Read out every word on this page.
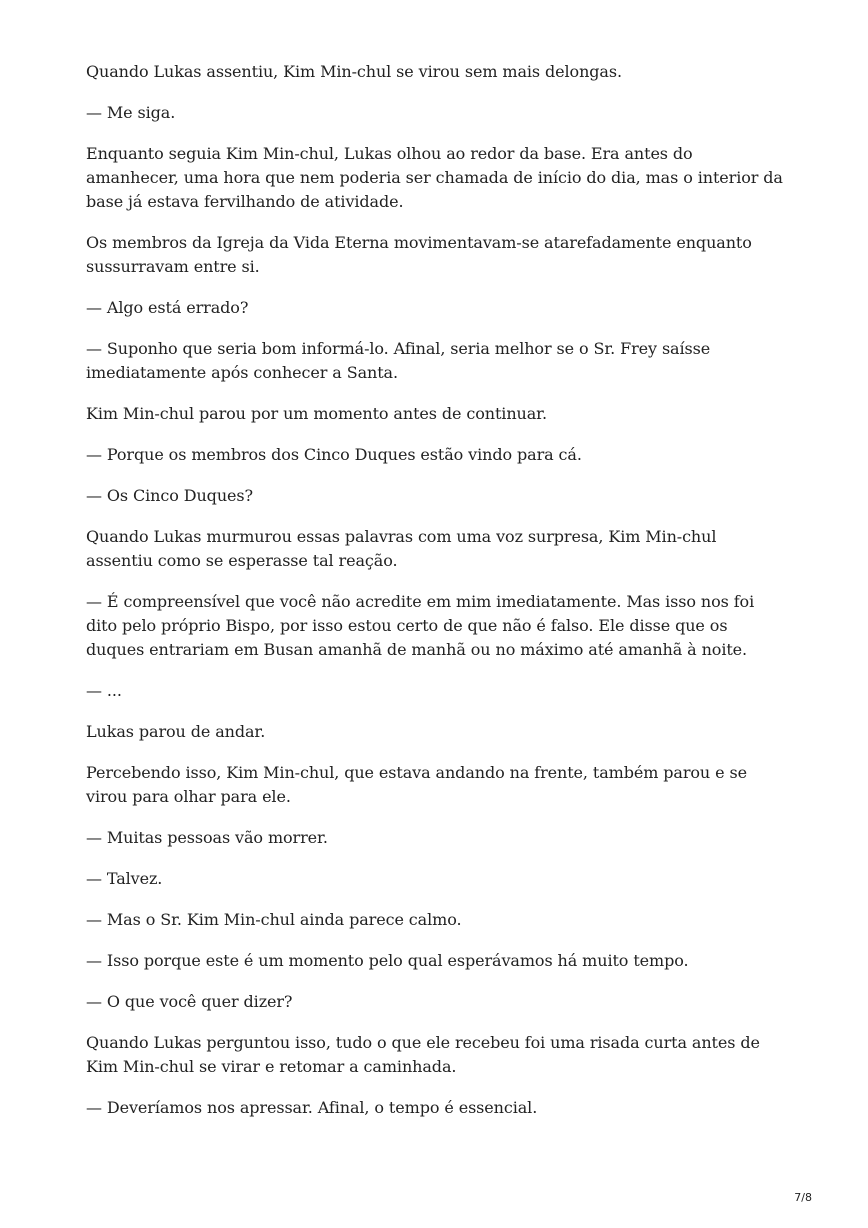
Quando Lukas assentiu, Kim Min-chul se virou sem mais delongas.

— Me siga.

Enquanto seguia Kim Min-chul, Lukas olhou ao redor da base. Era antes do amanhecer, uma hora que nem poderia ser chamada de início do dia, mas o interior da base já estava fervilhando de atividade.

Os membros da Igreja da Vida Eterna movimentavam-se atarefadamente enquanto sussurravam entre si.

— Algo está errado?

— Suponho que seria bom informá-lo. Afinal, seria melhor se o Sr. Frey saísse imediatamente após conhecer a Santa.

Kim Min-chul parou por um momento antes de continuar.

— Porque os membros dos Cinco Duques estão vindo para cá.

— Os Cinco Duques?

Quando Lukas murmurou essas palavras com uma voz surpresa, Kim Min-chul assentiu como se esperasse tal reação.

— É compreensível que você não acredite em mim imediatamente. Mas isso nos foi dito pelo próprio Bispo, por isso estou certo de que não é falso. Ele disse que os duques entrariam em Busan amanhã de manhã ou no máximo até amanhã à noite.

— ...

Lukas parou de andar.

Percebendo isso, Kim Min-chul, que estava andando na frente, também parou e se virou para olhar para ele.

— Muitas pessoas vão morrer.

— Talvez.

— Mas o Sr. Kim Min-chul ainda parece calmo.

— Isso porque este é um momento pelo qual esperávamos há muito tempo.

— O que você quer dizer?

Quando Lukas perguntou isso, tudo o que ele recebeu foi uma risada curta antes de Kim Min-chul se virar e retomar a caminhada.

— Deveríamos nos apressar. Afinal, o tempo é essencial.

7/8
